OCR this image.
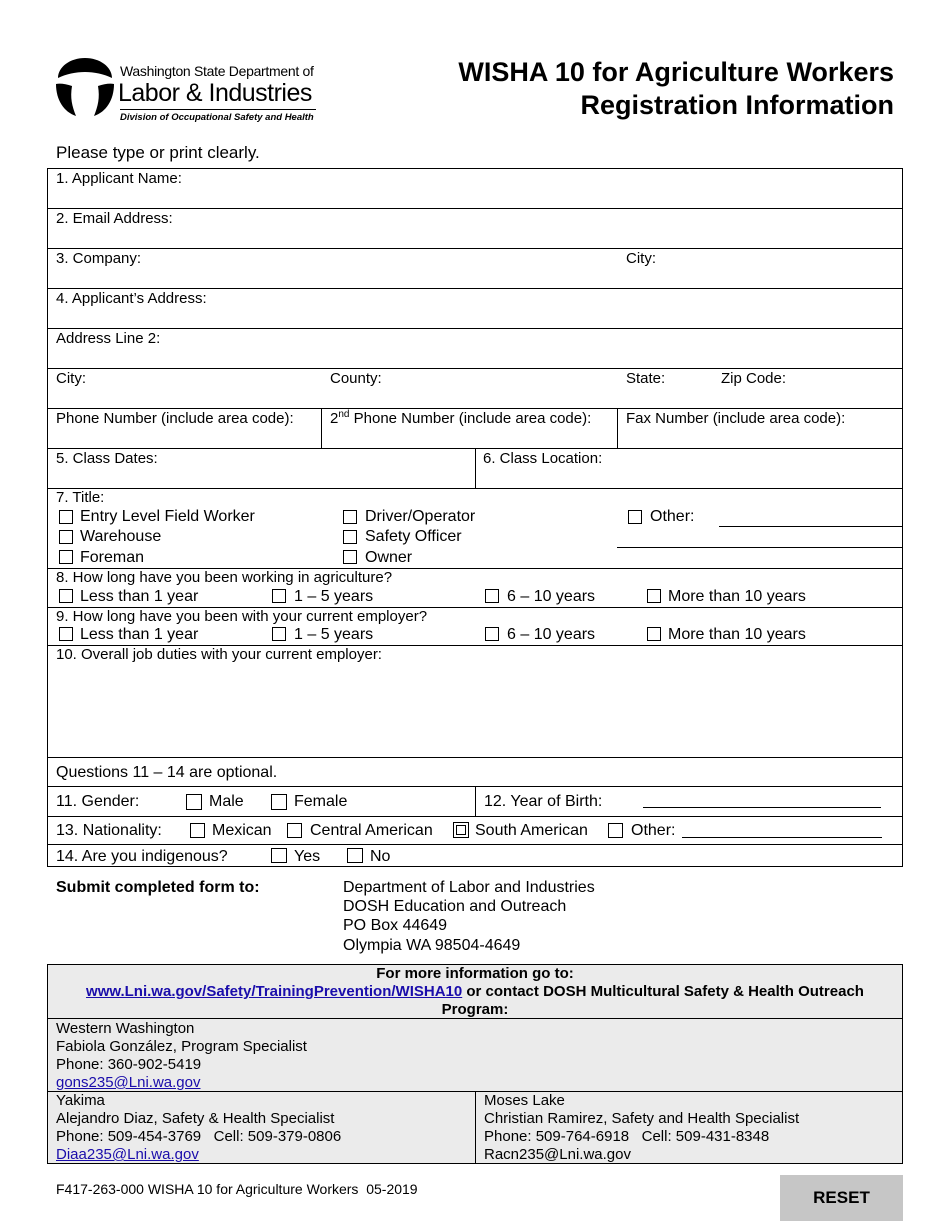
Washington State Department of
Labor & Industries
Division of Occupational Safety and Health
WISHA 10 for Agriculture Workers
Registration Information
Please type or print clearly.
1. Applicant Name:
2. Email Address:
3. Company:	City:
4. Applicant’s Address:
Address Line 2:
City:	County:	State:	Zip Code:
Phone Number (include area code): 2nd Phone Number (include area code): Fax Number (include area code):
5. Class Dates:	6. Class Location:
7. Title:
Entry Level Field Worker
Warehouse
Foreman
Driver/Operator
Safety Officer
Owner
Other:
8. How long have you been working in agriculture?
Less than 1 year	1 – 5 years	6 – 10 years	More than 10 years
9. How long have you been with your current employer?
Less than 1 year	1 – 5 years	6 – 10 years	More than 10 years
10. Overall job duties with your current employer:
Questions 11 – 14 are optional.
11. Gender:	Male	Female	12. Year of Birth:
13. Nationality:	Mexican Central American	South American	Other:
14. Are you indigenous?	Yes	No
Submit completed form to:	Department of Labor and Industries
DOSH Education and Outreach
PO Box 44649
Olympia WA 98504-4649
For more information go to:
www.Lni.wa.gov/Safety/TrainingPrevention/WISHA10 or contact DOSH Multicultural Safety & Health Outreach
Program:
Western Washington
Fabiola González, Program Specialist
Phone: 360-902-5419
gons235@Lni.wa.gov
Yakima
Alejandro Diaz, Safety & Health Specialist
Phone: 509-454-3769   Cell: 509-379-0806
Diaa235@Lni.wa.gov
Moses Lake
Christian Ramirez, Safety and Health Specialist
Phone: 509-764-6918   Cell: 509-431-8348
Racn235@Lni.wa.gov
F417-263-000 WISHA 10 for Agriculture Workers  05-2019	RESET
